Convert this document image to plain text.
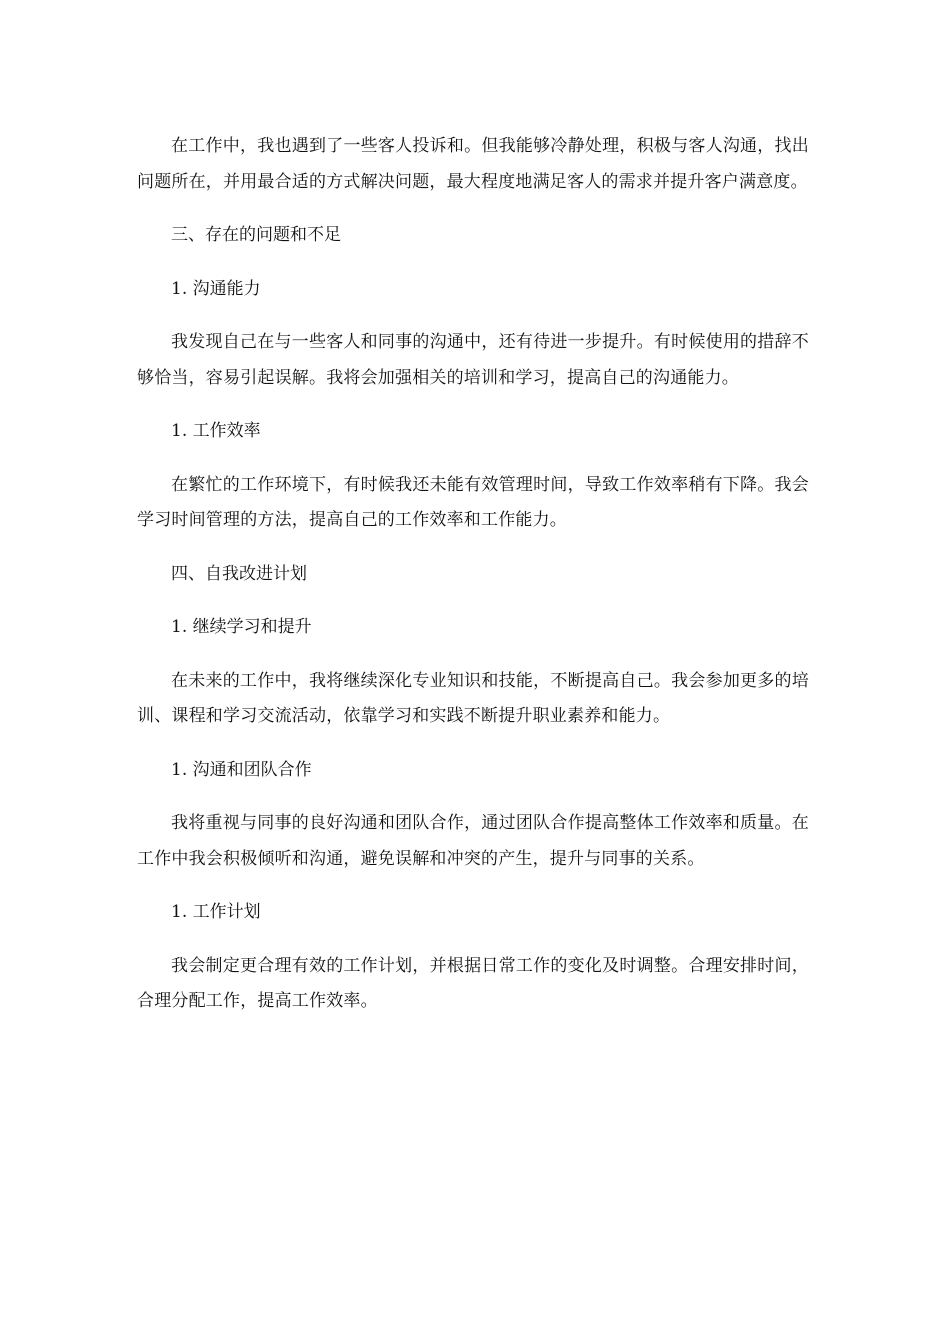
在工作中，我也遇到了一些客人投诉和。但我能够冷静处理，积极与客人沟通，找出问题所在，并用最合适的方式解决问题，最大程度地满足客人的需求并提升客户满意度。

三、存在的问题和不足

1. 沟通能力

我发现自己在与一些客人和同事的沟通中，还有待进一步提升。有时候使用的措辞不够恰当，容易引起误解。我将会加强相关的培训和学习，提高自己的沟通能力。

1. 工作效率

在繁忙的工作环境下，有时候我还未能有效管理时间，导致工作效率稍有下降。我会学习时间管理的方法，提高自己的工作效率和工作能力。

四、自我改进计划

1. 继续学习和提升

在未来的工作中，我将继续深化专业知识和技能，不断提高自己。我会参加更多的培训、课程和学习交流活动，依靠学习和实践不断提升职业素养和能力。

1. 沟通和团队合作

我将重视与同事的良好沟通和团队合作，通过团队合作提高整体工作效率和质量。在工作中我会积极倾听和沟通，避免误解和冲突的产生，提升与同事的关系。

1. 工作计划

我会制定更合理有效的工作计划，并根据日常工作的变化及时调整。合理安排时间，合理分配工作，提高工作效率。
